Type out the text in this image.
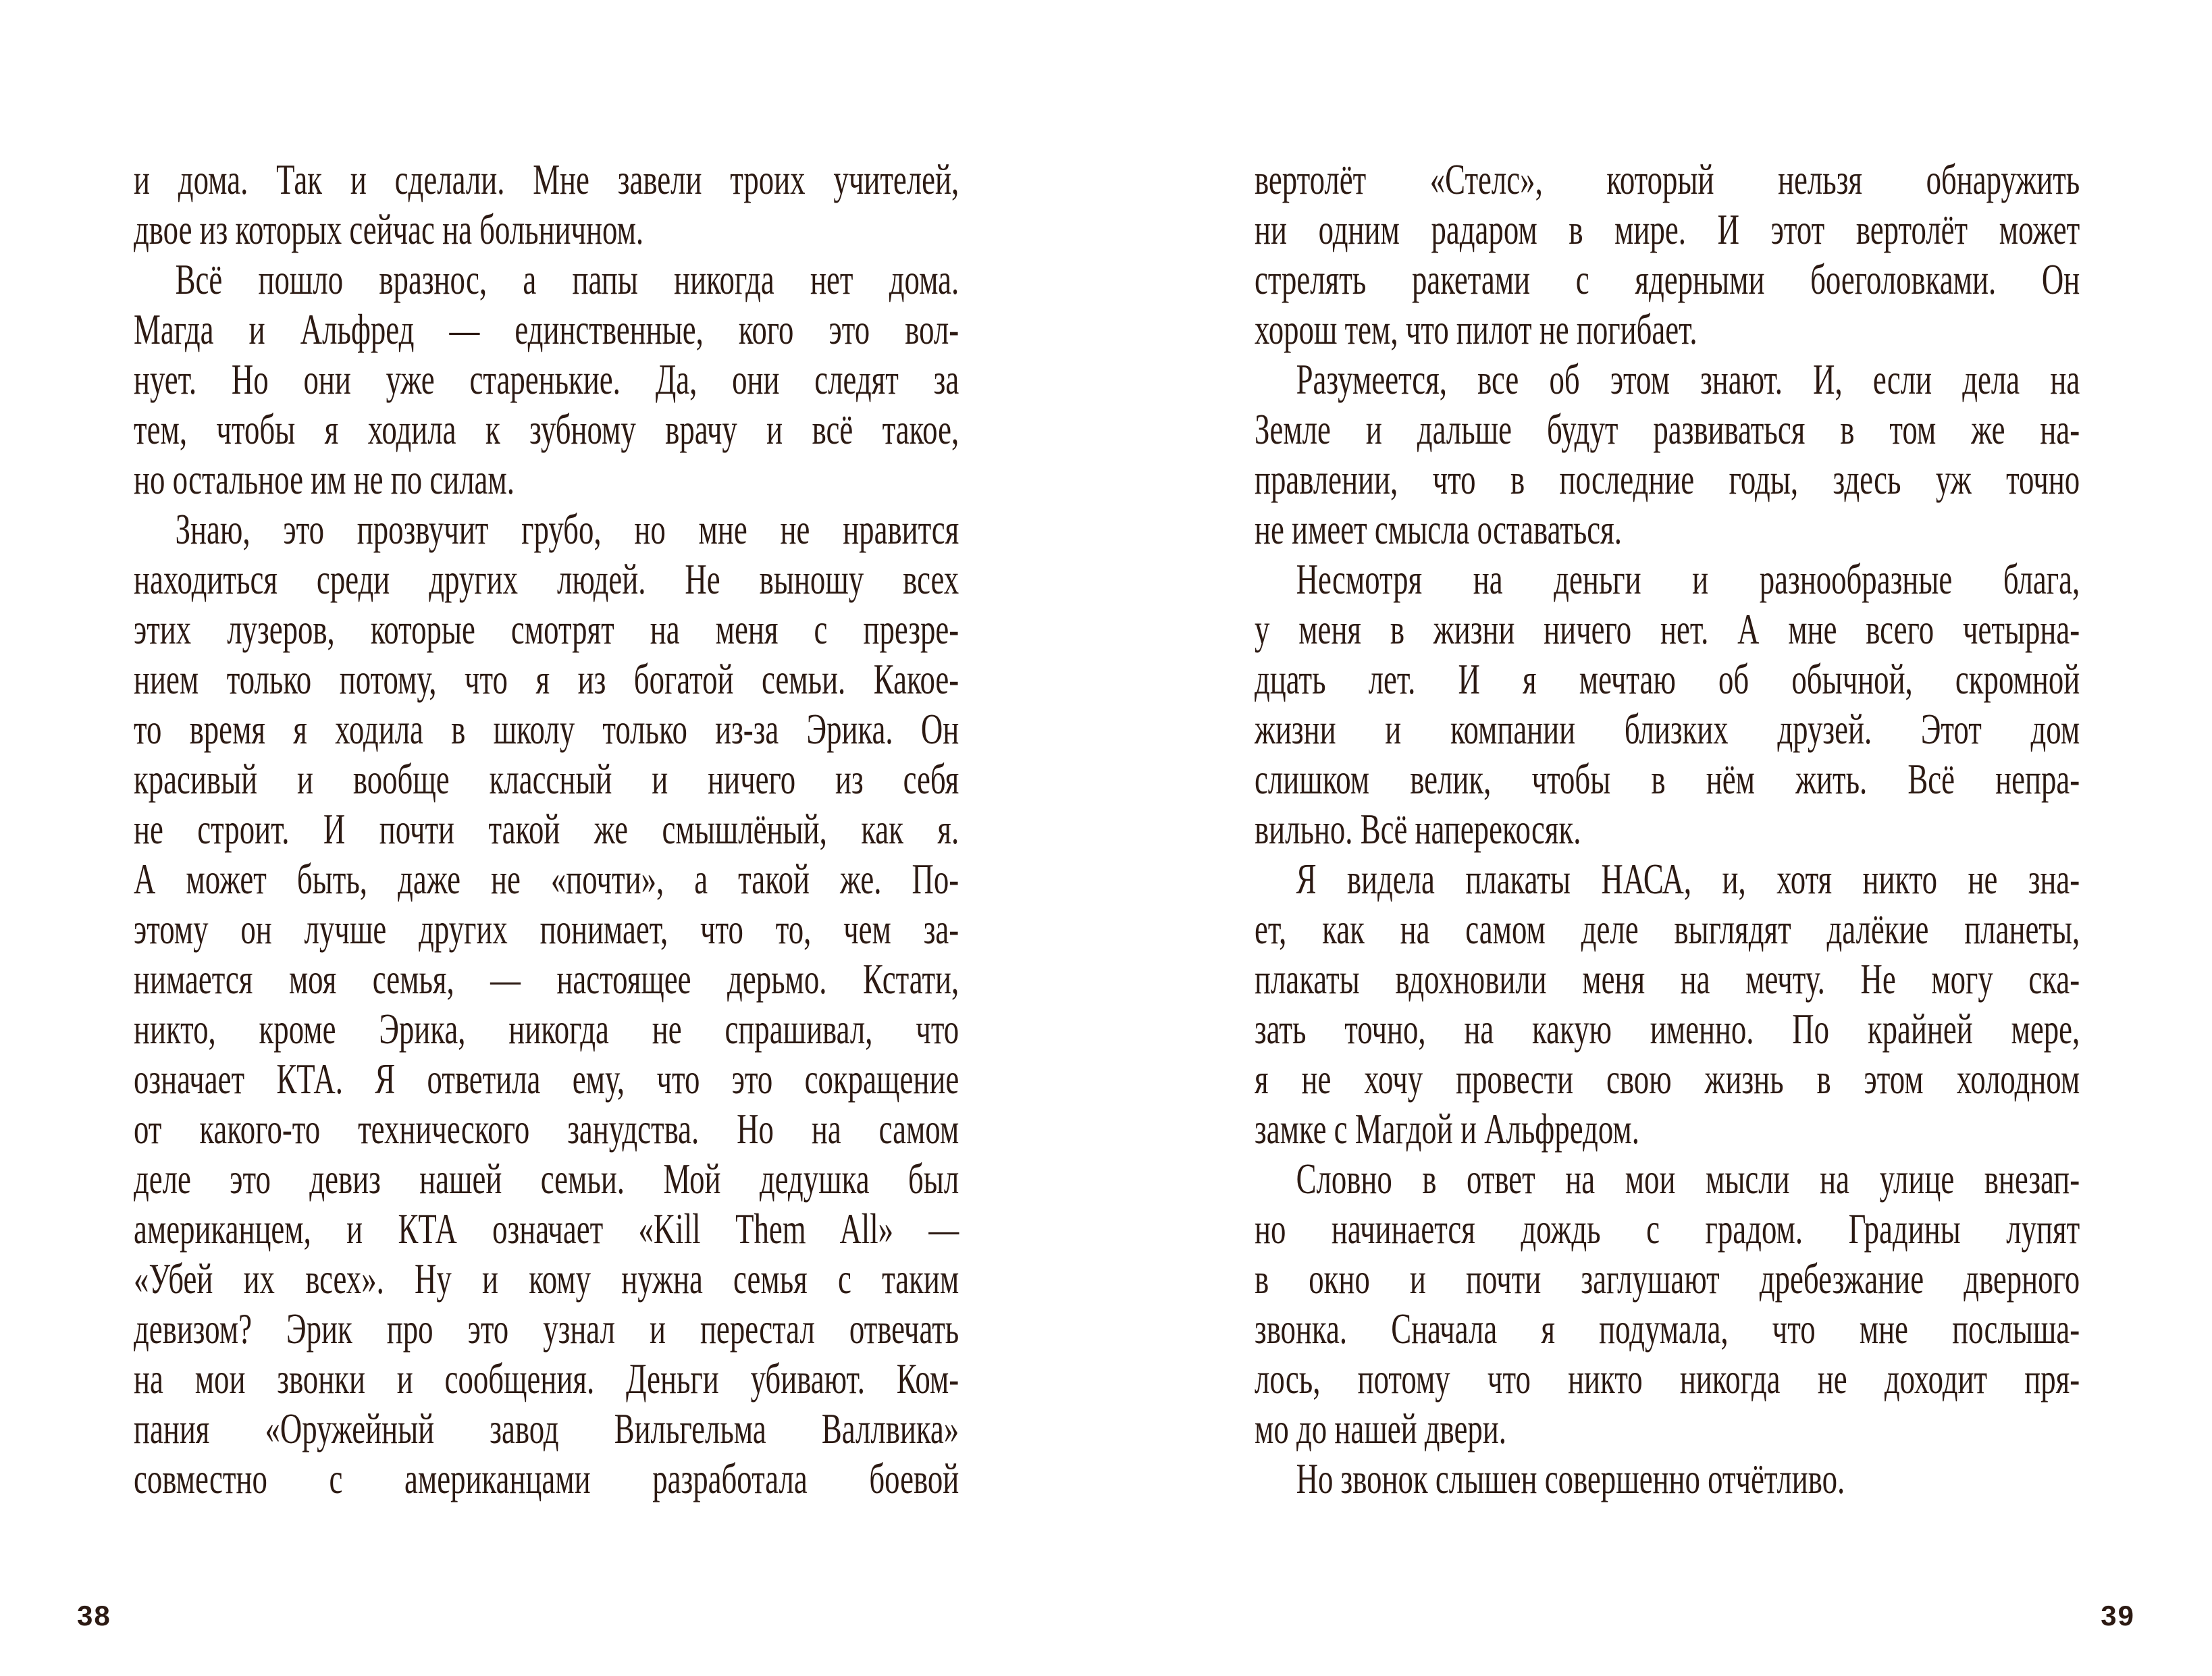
и дома. Так и сделали. Мне завели троих учителей,
двое из которых сейчас на больничном.
Всё пошло вразнос, а папы никогда нет дома.
Магда и Альфред — единственные, кого это вол-
нует. Но они уже старенькие. Да, они следят за
тем, чтобы я ходила к зубному врачу и всё такое,
но остальное им не по силам.
Знаю, это прозвучит грубо, но мне не нравится
находиться среди других людей. Не выношу всех
этих лузеров, которые смотрят на меня с презре-
нием только потому, что я из богатой семьи. Какое-
то время я ходила в школу только из-за Эрика. Он
красивый и вообще классный и ничего из себя
не строит. И почти такой же смышлёный, как я.
А может быть, даже не «почти», а такой же. По-
этому он лучше других понимает, что то, чем за-
нимается моя семья, — настоящее дерьмо. Кстати,
никто, кроме Эрика, никогда не спрашивал, что
означает КТА. Я ответила ему, что это сокращение
от какого-то технического занудства. Но на самом
деле это девиз нашей семьи. Мой дедушка был
американцем, и КТА означает «Kill Them All» —
«Убей их всех». Ну и кому нужна семья с таким
девизом? Эрик про это узнал и перестал отвечать
на мои звонки и сообщения. Деньги убивают. Ком-
пания «Оружейный завод Вильгельма Валлвика»
совместно с американцами разработала боевой
вертолёт «Стелс», который нельзя обнаружить
ни одним радаром в мире. И этот вертолёт может
стрелять ракетами с ядерными боеголовками. Он
хорош тем, что пилот не погибает.
Разумеется, все об этом знают. И, если дела на
Земле и дальше будут развиваться в том же на-
правлении, что в последние годы, здесь уж точно
не имеет смысла оставаться.
Несмотря на деньги и разнообразные блага,
у меня в жизни ничего нет. А мне всего четырна-
дцать лет. И я мечтаю об обычной, скромной
жизни и компании близких друзей. Этот дом
слишком велик, чтобы в нём жить. Всё непра-
вильно. Всё наперекосяк.
Я видела плакаты НАСА, и, хотя никто не зна-
ет, как на самом деле выглядят далёкие планеты,
плакаты вдохновили меня на мечту. Не могу ска-
зать точно, на какую именно. По крайней мере,
я не хочу провести свою жизнь в этом холодном
замке с Магдой и Альфредом.
Словно в ответ на мои мысли на улице внезап-
но начинается дождь с градом. Градины лупят
в окно и почти заглушают дребезжание дверного
звонка. Сначала я подумала, что мне послыша-
лось, потому что никто никогда не доходит пря-
мо до нашей двери.
Но звонок слышен совершенно отчётливо.
38	39
